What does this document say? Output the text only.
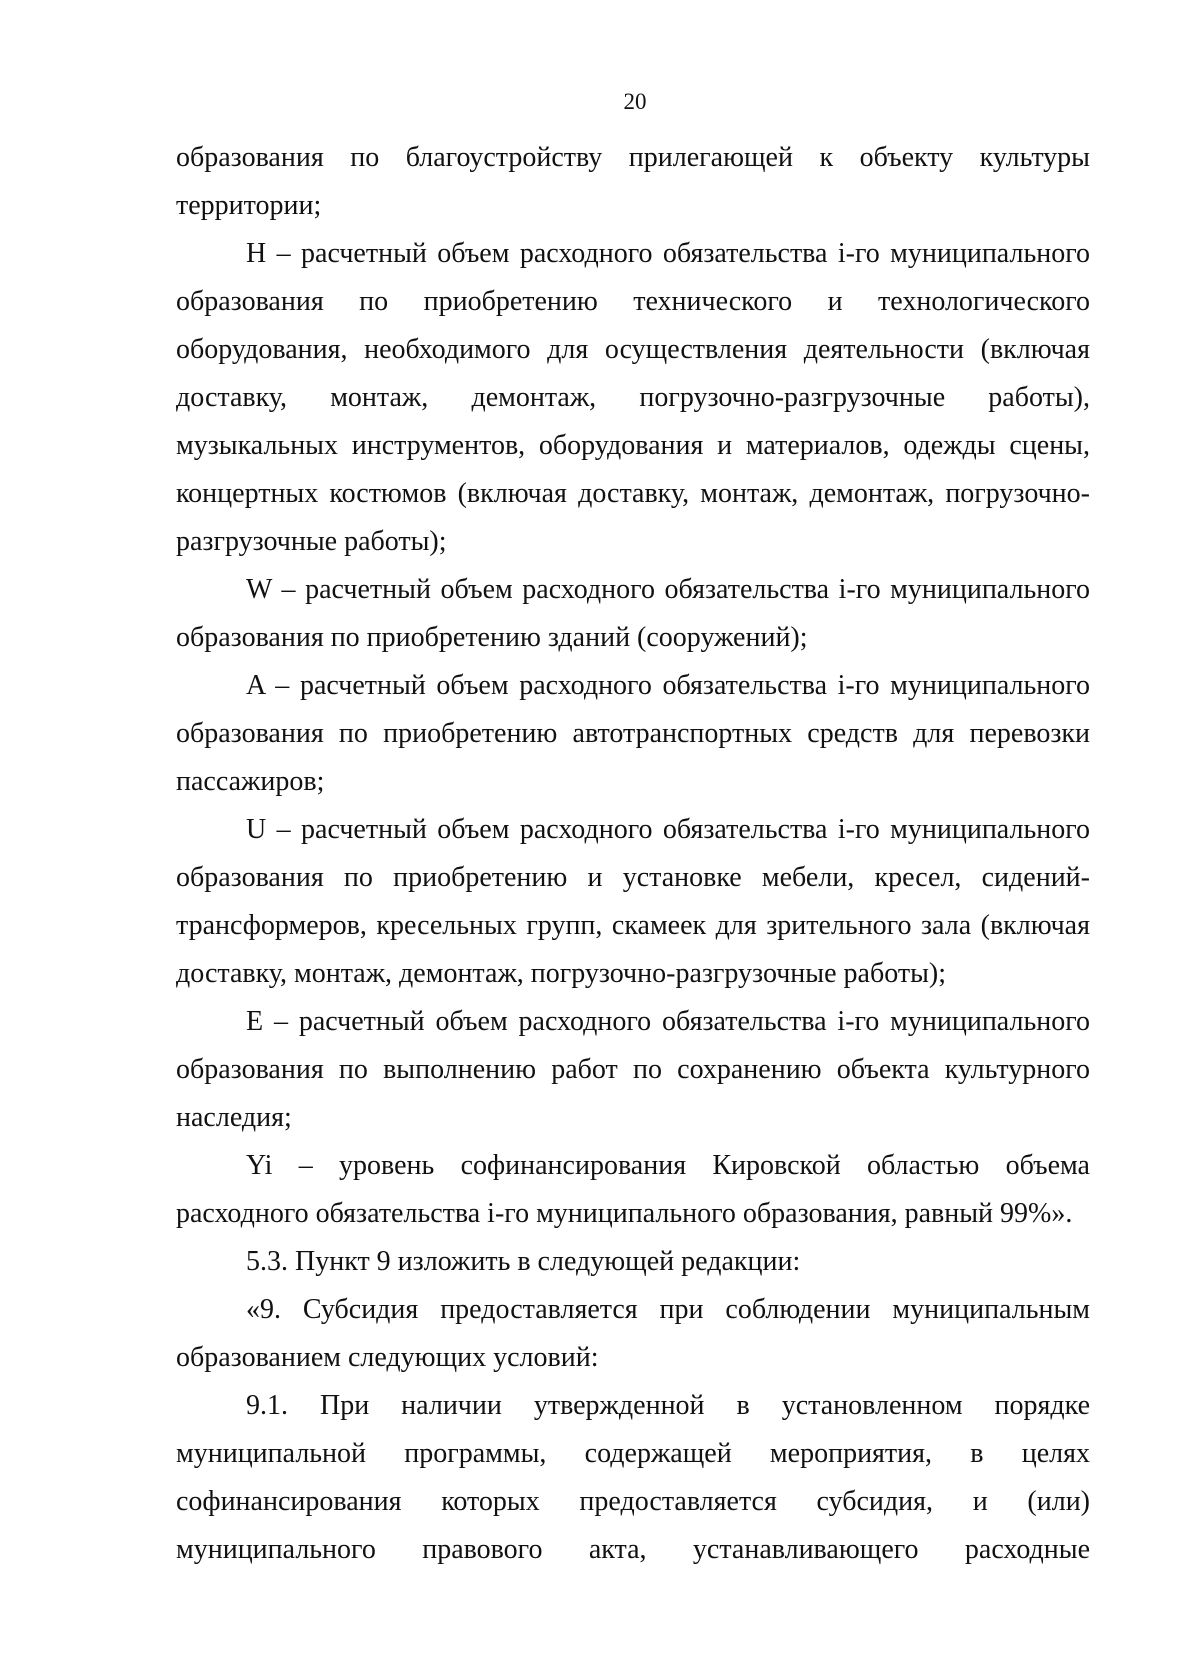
20

образования по благоустройству прилегающей к объекту культуры территории;

H – расчетный объем расходного обязательства i-го муниципального образования по приобретению технического и технологического оборудования, необходимого для осуществления деятельности (включая доставку, монтаж, демонтаж, погрузочно-разгрузочные работы), музыкальных инструментов, оборудования и материалов, одежды сцены, концертных костюмов (включая доставку, монтаж, демонтаж, погрузочно-разгрузочные работы);

W – расчетный объем расходного обязательства i-го муниципального образования по приобретению зданий (сооружений);

A – расчетный объем расходного обязательства i-го муниципального образования по приобретению автотранспортных средств для перевозки пассажиров;

U – расчетный объем расходного обязательства i-го муниципального образования по приобретению и установке мебели, кресел, сидений-трансформеров, кресельных групп, скамеек для зрительного зала (включая доставку, монтаж, демонтаж, погрузочно-разгрузочные работы);

E – расчетный объем расходного обязательства i-го муниципального образования по выполнению работ по сохранению объекта культурного наследия;

Yi – уровень софинансирования Кировской областью объема расходного обязательства i-го муниципального образования, равный 99%».

5.3. Пункт 9 изложить в следующей редакции:

«9. Субсидия предоставляется при соблюдении муниципальным образованием следующих условий:

9.1. При наличии утвержденной в установленном порядке муниципальной программы, содержащей мероприятия, в целях софинансирования которых предоставляется субсидия, и (или) муниципального правового акта, устанавливающего расходные
